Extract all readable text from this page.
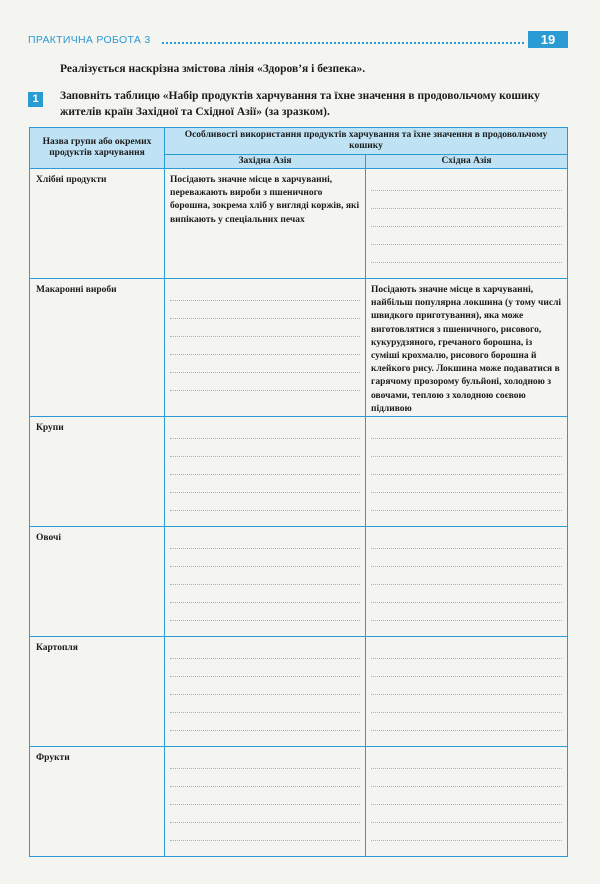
ПРАКТИЧНА РОБОТА 3	19
Реалізується наскрізна змістова лінія «Здоров’я і безпека».
1	Заповніть таблицю «Набір продуктів харчування та їхне значення в продовольчому кошику жителів країн Західної та Східної Азії» (за зразком).
Назва групи або окремих продуктів харчування	Особливості використання продуктів харчування та їхне значення в продовольчому кошику	
	Західна Азія	Східна Азія
Хлібні продукти	Посідають значне місце в харчуванні, переважають вироби з пшеничного борошна, зокрема хліб у вигляді коржів, які випікають у спеціальних печах	

Макаронні вироби		Посідають значне місце в харчуванні, найбільш популярна локшина (у тому числі швидкого приготування), яка може виготовлятися з пшеничного, рисового, кукурудзяного, гречаного борошна, із суміші крохмалю, рисового борошна й клейкого рису. Локшина може подаватися в гарячому прозорому бульйоні, холодною з овочами, теплою з холодною соєвою підливою

Крупи	

Овочі	

Картопля	

Фрукти	
